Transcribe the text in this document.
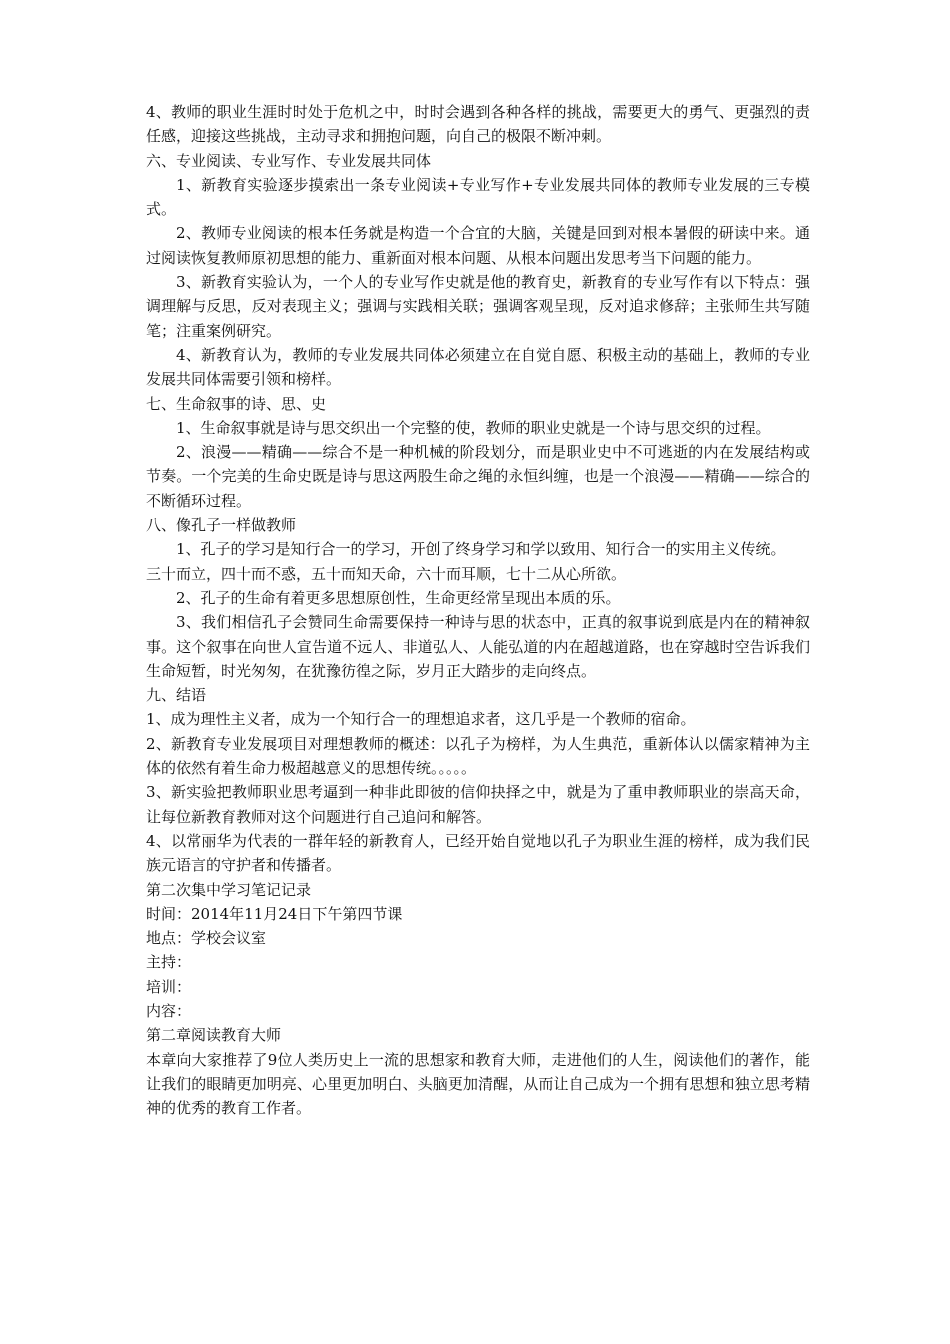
4、教师的职业生涯时时处于危机之中，时时会遇到各种各样的挑战，需要更大的勇气、更强烈的责任感，迎接这些挑战，主动寻求和拥抱问题，向自己的极限不断冲刺。

六、专业阅读、专业写作、专业发展共同体

1、新教育实验逐步摸索出一条专业阅读+专业写作+专业发展共同体的教师专业发展的三专模式。

2、教师专业阅读的根本任务就是构造一个合宜的大脑，关键是回到对根本暑假的研读中来。通过阅读恢复教师原初思想的能力、重新面对根本问题、从根本问题出发思考当下问题的能力。

3、新教育实验认为，一个人的专业写作史就是他的教育史，新教育的专业写作有以下特点：强调理解与反思，反对表现主义；强调与实践相关联；强调客观呈现，反对追求修辞；主张师生共写随笔；注重案例研究。

4、新教育认为，教师的专业发展共同体必须建立在自觉自愿、积极主动的基础上，教师的专业发展共同体需要引领和榜样。

七、生命叙事的诗、思、史

1、生命叙事就是诗与思交织出一个完整的使，教师的职业史就是一个诗与思交织的过程。

2、浪漫——精确——综合不是一种机械的阶段划分，而是职业史中不可逃逝的内在发展结构或节奏。一个完美的生命史既是诗与思这两股生命之绳的永恒纠缠，也是一个浪漫——精确——综合的不断循环过程。

八、像孔子一样做教师

1、孔子的学习是知行合一的学习，开创了终身学习和学以致用、知行合一的实用主义传统。

三十而立，四十而不惑，五十而知天命，六十而耳顺，七十二从心所欲。

2、孔子的生命有着更多思想原创性，生命更经常呈现出本质的乐。

3、我们相信孔子会赞同生命需要保持一种诗与思的状态中，正真的叙事说到底是内在的精神叙事。这个叙事在向世人宣告道不远人、非道弘人、人能弘道的内在超越道路，也在穿越时空告诉我们生命短暂，时光匆匆，在犹豫彷徨之际，岁月正大踏步的走向终点。

九、结语

1、成为理性主义者，成为一个知行合一的理想追求者，这几乎是一个教师的宿命。

2、新教育专业发展项目对理想教师的概述：以孔子为榜样，为人生典范，重新体认以儒家精神为主体的依然有着生命力极超越意义的思想传统。。。。。

3、新实验把教师职业思考逼到一种非此即彼的信仰抉择之中，就是为了重申教师职业的崇高天命，让每位新教育教师对这个问题进行自己追问和解答。

4、以常丽华为代表的一群年轻的新教育人，已经开始自觉地以孔子为职业生涯的榜样，成为我们民族元语言的守护者和传播者。

第二次集中学习笔记记录

时间：2014年11月24日下午第四节课

地点：学校会议室

主持：

培训：

内容：

第二章阅读教育大师

本章向大家推荐了9位人类历史上一流的思想家和教育大师，走进他们的人生，阅读他们的著作，能让我们的眼睛更加明亮、心里更加明白、头脑更加清醒，从而让自己成为一个拥有思想和独立思考精神的优秀的教育工作者。
